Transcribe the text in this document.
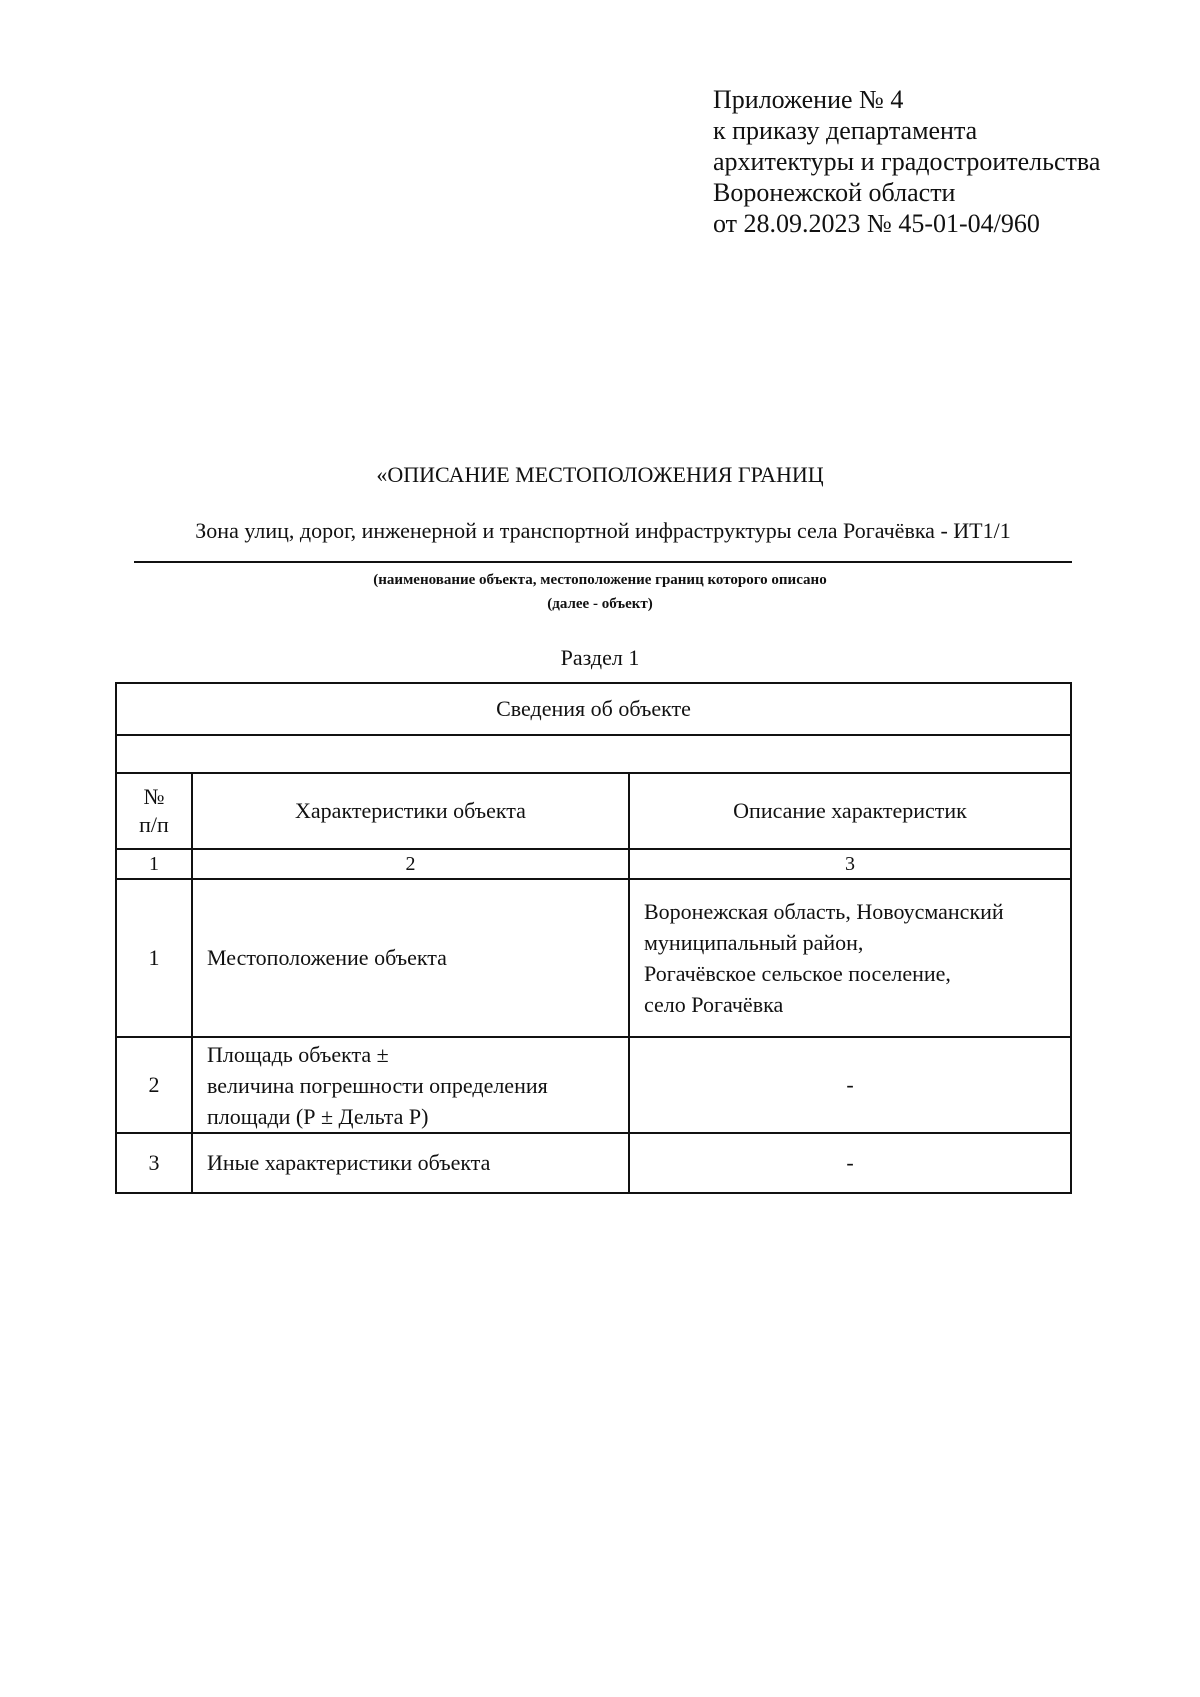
Приложение № 4
к приказу департамента
архитектуры и градостроительства
Воронежской области
от 28.09.2023 № 45-01-04/960
«ОПИСАНИЕ МЕСТОПОЛОЖЕНИЯ ГРАНИЦ
Зона улиц, дорог, инженерной и транспортной инфраструктуры села Рогачёвка - ИТ1/1
(наименование объекта, местоположение границ которого описано
(далее - объект)
Раздел 1
Сведения об объекте		

№
п/п	Характеристики объекта	Описание характеристик
1	2	3
1	Местоположение объекта	Воронежская область, Новоусманский
муниципальный район,
Рогачёвское сельское поселение,
село Рогачёвка

2	Площадь объекта ±
величина погрешности определения
площади (Р ± Дельта Р)	-
3	Иные характеристики объекта	-
